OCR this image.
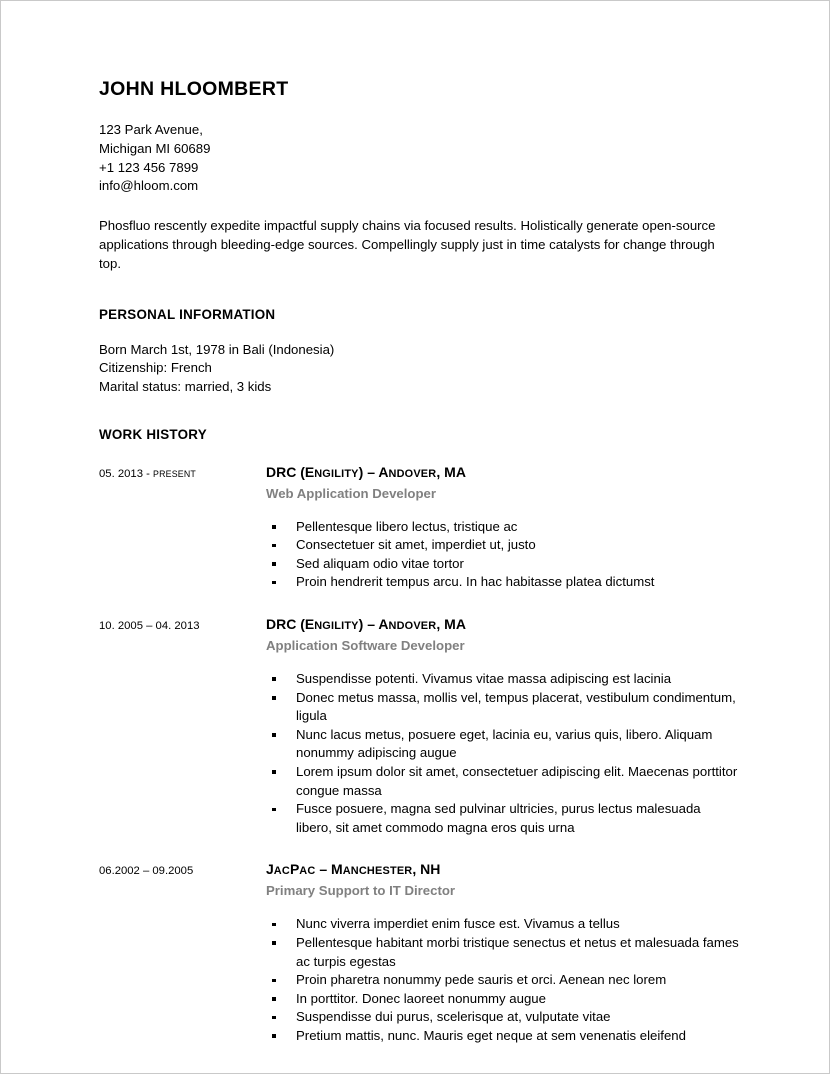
JOHN HLOOMBERT
123 Park Avenue,
Michigan MI 60689
+1 123 456 7899
info@hloom.com
Phosfluo rescently expedite impactful supply chains via focused results. Holistically generate open-source applications through bleeding-edge sources. Compellingly supply just in time catalysts for change through top.
PERSONAL INFORMATION
Born March 1st, 1978 in Bali (Indonesia)
Citizenship: French
Marital status: married, 3 kids
WORK HISTORY
05. 2013 - PRESENT	DRC (ENGILITY) – ANDOVER, MA
Web Application Developer
Pellentesque libero lectus, tristique ac
Consectetuer sit amet, imperdiet ut, justo
Sed aliquam odio vitae tortor
Proin hendrerit tempus arcu. In hac habitasse platea dictumst
10. 2005 – 04. 2013	DRC (ENGILITY) – ANDOVER, MA
Application Software Developer
Suspendisse potenti. Vivamus vitae massa adipiscing est lacinia
Donec metus massa, mollis vel, tempus placerat, vestibulum condimentum, ligula
Nunc lacus metus, posuere eget, lacinia eu, varius quis, libero. Aliquam nonummy adipiscing augue
Lorem ipsum dolor sit amet, consectetuer adipiscing elit. Maecenas porttitor congue massa
Fusce posuere, magna sed pulvinar ultricies, purus lectus malesuada libero, sit amet commodo magna eros quis urna
06.2002 – 09.2005	JACPAC – MANCHESTER, NH
Primary Support to IT Director
Nunc viverra imperdiet enim fusce est. Vivamus a tellus
Pellentesque habitant morbi tristique senectus et netus et malesuada fames ac turpis egestas
Proin pharetra nonummy pede sauris et orci. Aenean nec lorem
In porttitor. Donec laoreet nonummy augue
Suspendisse dui purus, scelerisque at, vulputate vitae
Pretium mattis, nunc. Mauris eget neque at sem venenatis eleifend
